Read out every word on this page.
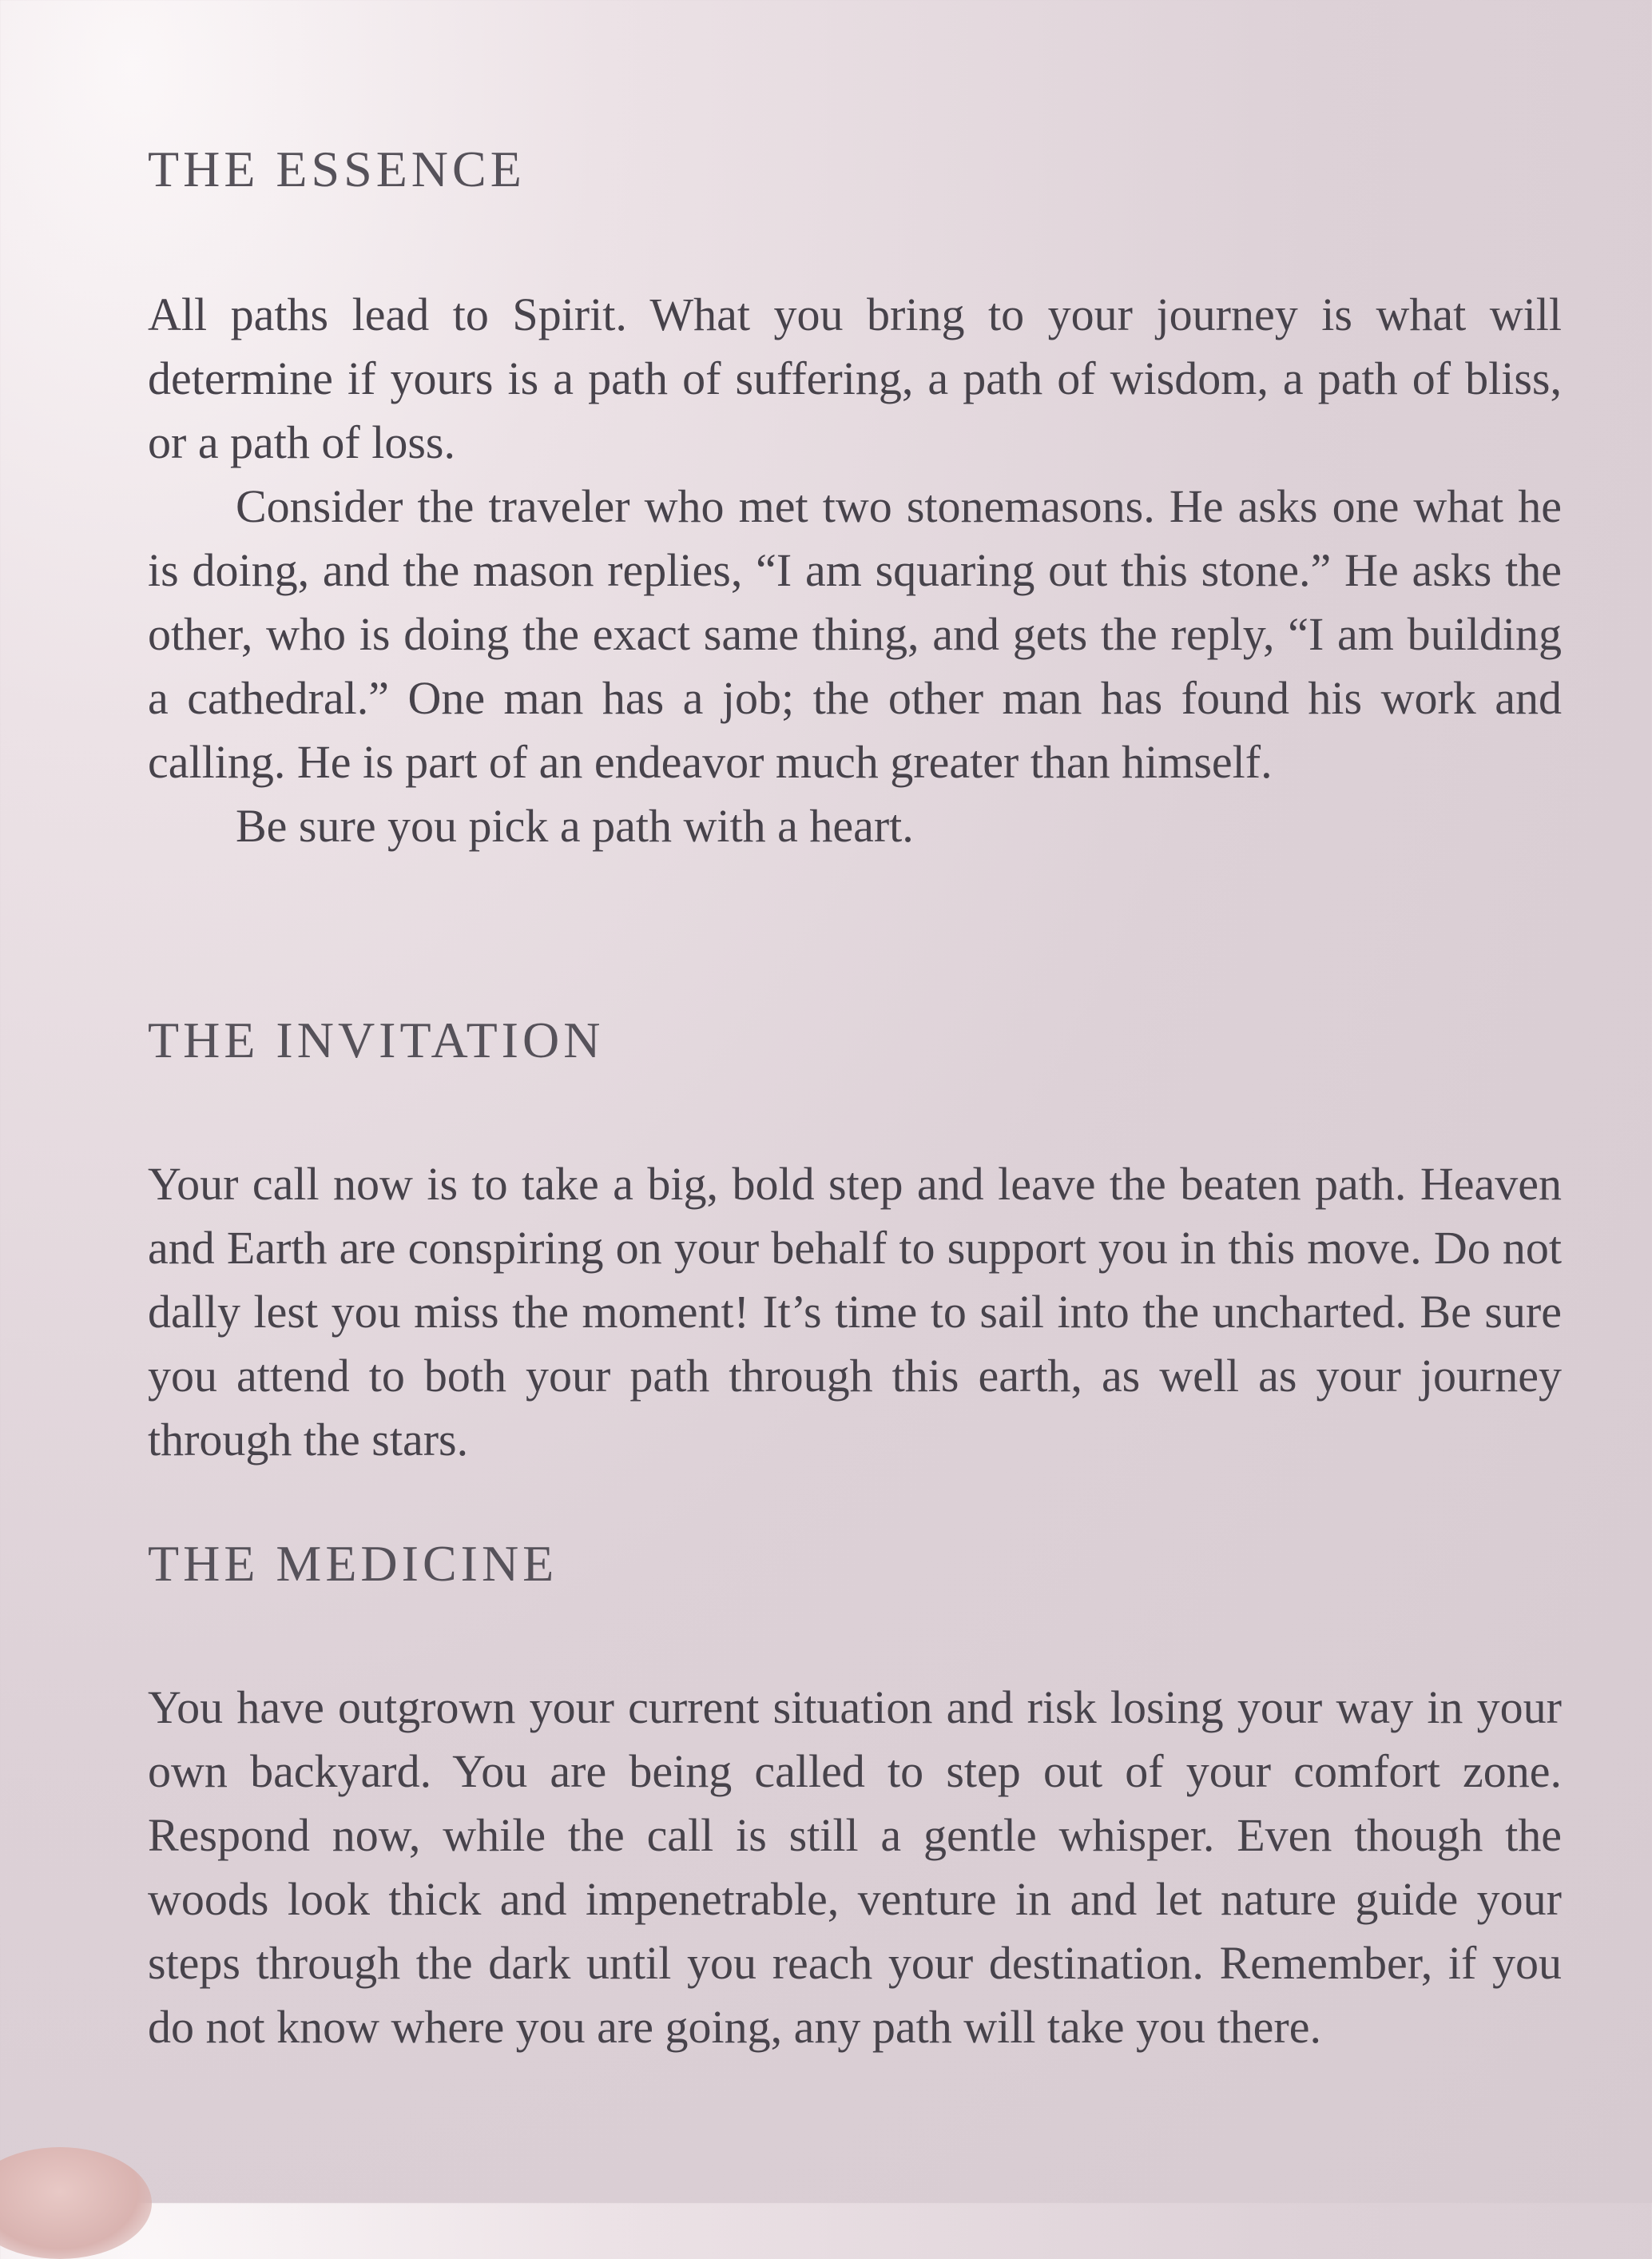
THE ESSENCE

All paths lead to Spirit. What you bring to your journey is what will determine if yours is a path of suffering, a path of wisdom, a path of bliss, or a path of loss.

Consider the traveler who met two stonemasons. He asks one what he is doing, and the mason replies, “I am squaring out this stone.” He asks the other, who is doing the exact same thing, and gets the reply, “I am building a cathedral.” One man has a job; the other man has found his work and calling. He is part of an endeavor much greater than himself.

Be sure you pick a path with a heart.

THE INVITATION

Your call now is to take a big, bold step and leave the beaten path. Heaven and Earth are conspiring on your behalf to support you in this move. Do not dally lest you miss the moment! It’s time to sail into the uncharted. Be sure you attend to both your path through this earth, as well as your journey through the stars.

THE MEDICINE

You have outgrown your current situation and risk losing your way in your own backyard. You are being called to step out of your comfort zone. Respond now, while the call is still a gentle whisper. Even though the woods look thick and impenetrable, venture in and let nature guide your steps through the dark until you reach your destination. Remember, if you do not know where you are going, any path will take you there.
